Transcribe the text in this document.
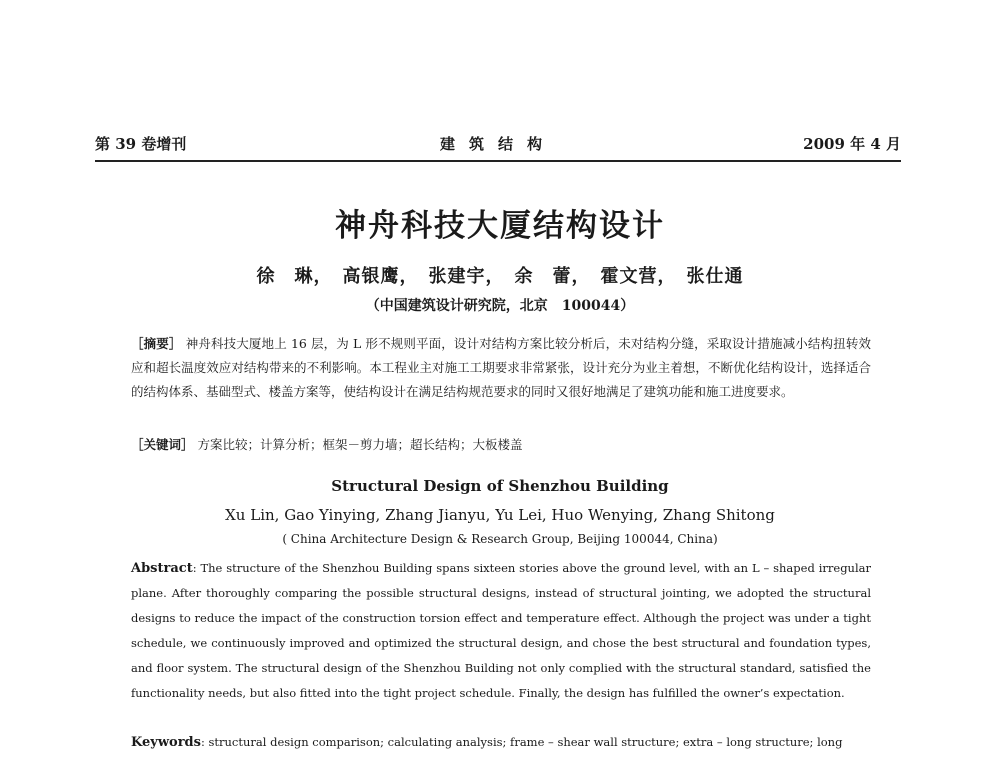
第 39 卷增刊	建筑结构	2009 年 4 月
神舟科技大厦结构设计
徐　琳，　高银鹰，　张建宇，　余　蕾，　霍文营，　张仕通
（中国建筑设计研究院，北京　100044）
［摘要］ 神舟科技大厦地上 16 层，为 L 形不规则平面，设计对结构方案比较分析后，未对结构分缝，采取设计措施减小结构扭转效应和超长温度效应对结构带来的不利影响。本工程业主对施工工期要求非常紧张，设计充分为业主着想，不断优化结构设计，选择适合的结构体系、基础型式、楼盖方案等，使结构设计在满足结构规范要求的同时又很好地满足了建筑功能和施工进度要求。
［关键词］ 方案比较；计算分析；框架－剪力墙；超长结构；大板楼盖
Structural Design of Shenzhou Building
Xu Lin, Gao Yinying, Zhang Jianyu, Yu Lei, Huo Wenying, Zhang Shitong
( China Architecture Design & Research Group, Beijing 100044, China)
Abstract: The structure of the Shenzhou Building spans sixteen stories above the ground level, with an L – shaped irregular plane. After thoroughly comparing the possible structural designs, instead of structural jointing, we adopted the structural designs to reduce the impact of the construction torsion effect and temperature effect. Although the project was under a tight schedule, we continuously improved and optimized the structural design, and chose the best structural and foundation types, and floor system. The structural design of the Shenzhou Building not only complied with the structural standard, satisfied the functionality needs, but also fitted into the tight project schedule. Finally, the design has fulfilled the owner’s expectation.
Keywords: structural design comparison; calculating analysis; frame – shear wall structure; extra – long structure; long
